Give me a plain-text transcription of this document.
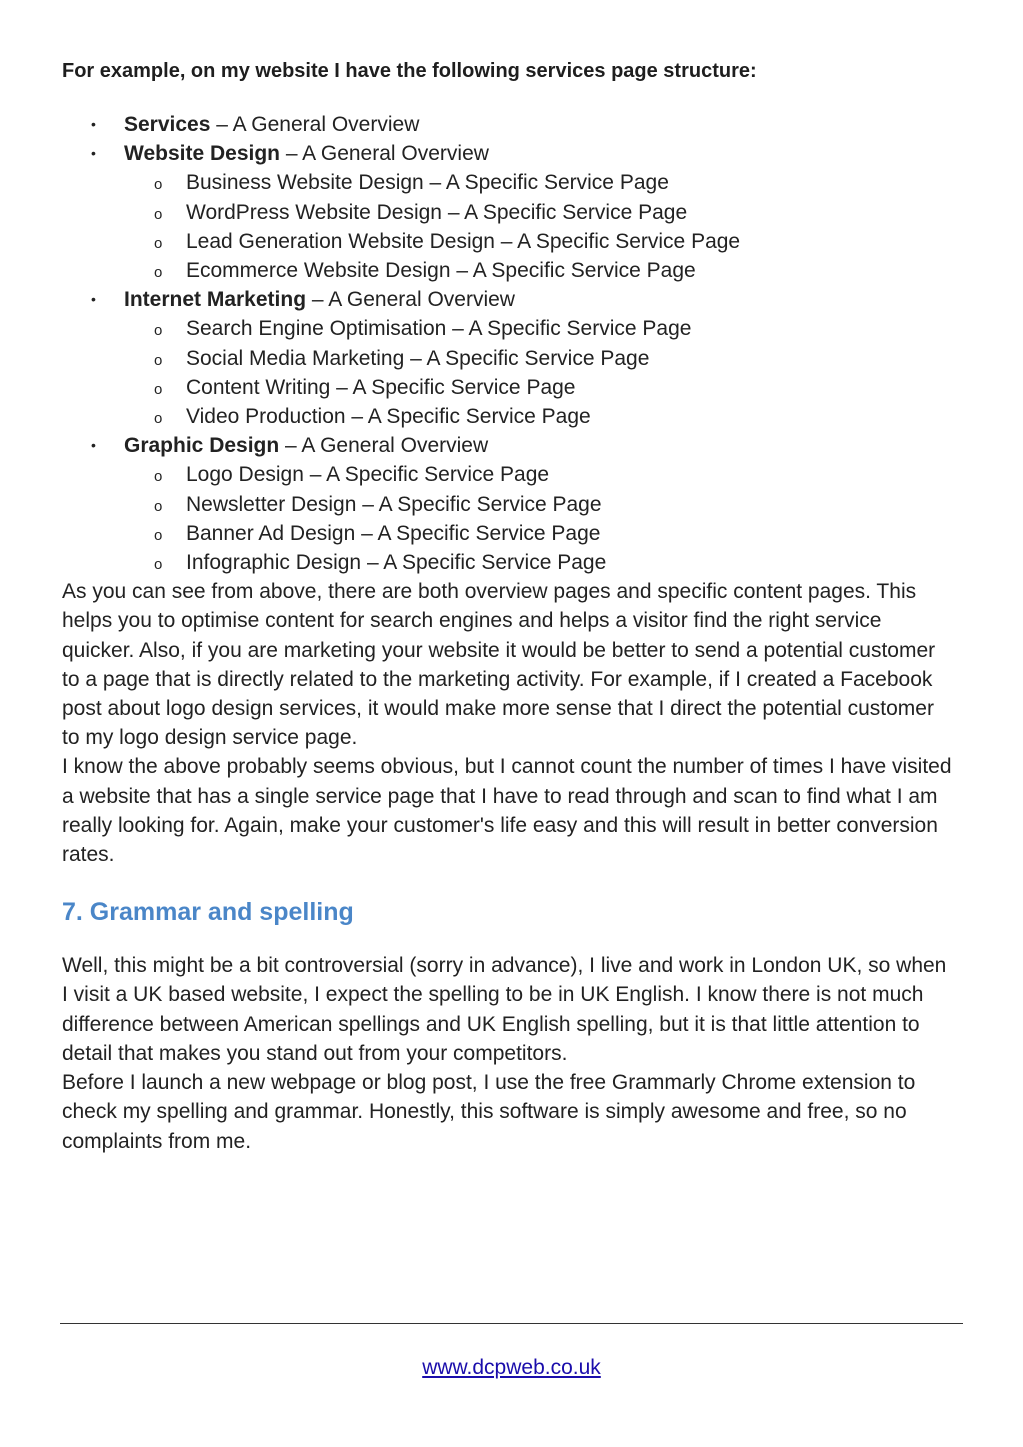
For example, on my website I have the following services page structure:

• Services – A General Overview
• Website Design – A General Overview
o Business Website Design – A Specific Service Page
o WordPress Website Design – A Specific Service Page
o Lead Generation Website Design – A Specific Service Page
o Ecommerce Website Design – A Specific Service Page
• Internet Marketing – A General Overview
o Search Engine Optimisation – A Specific Service Page
o Social Media Marketing – A Specific Service Page
o Content Writing – A Specific Service Page
o Video Production – A Specific Service Page
• Graphic Design – A General Overview
o Logo Design – A Specific Service Page
o Newsletter Design – A Specific Service Page
o Banner Ad Design – A Specific Service Page
o Infographic Design – A Specific Service Page

As you can see from above, there are both overview pages and specific content pages. This helps you to optimise content for search engines and helps a visitor find the right service quicker. Also, if you are marketing your website it would be better to send a potential customer to a page that is directly related to the marketing activity. For example, if I created a Facebook post about logo design services, it would make more sense that I direct the potential customer to my logo design service page.

I know the above probably seems obvious, but I cannot count the number of times I have visited a website that has a single service page that I have to read through and scan to find what I am really looking for. Again, make your customer's life easy and this will result in better conversion rates.

7. Grammar and spelling

Well, this might be a bit controversial (sorry in advance), I live and work in London UK, so when I visit a UK based website, I expect the spelling to be in UK English. I know there is not much difference between American spellings and UK English spelling, but it is that little attention to detail that makes you stand out from your competitors.

Before I launch a new webpage or blog post, I use the free Grammarly Chrome extension to check my spelling and grammar. Honestly, this software is simply awesome and free, so no complaints from me.

www.dcpweb.co.uk
